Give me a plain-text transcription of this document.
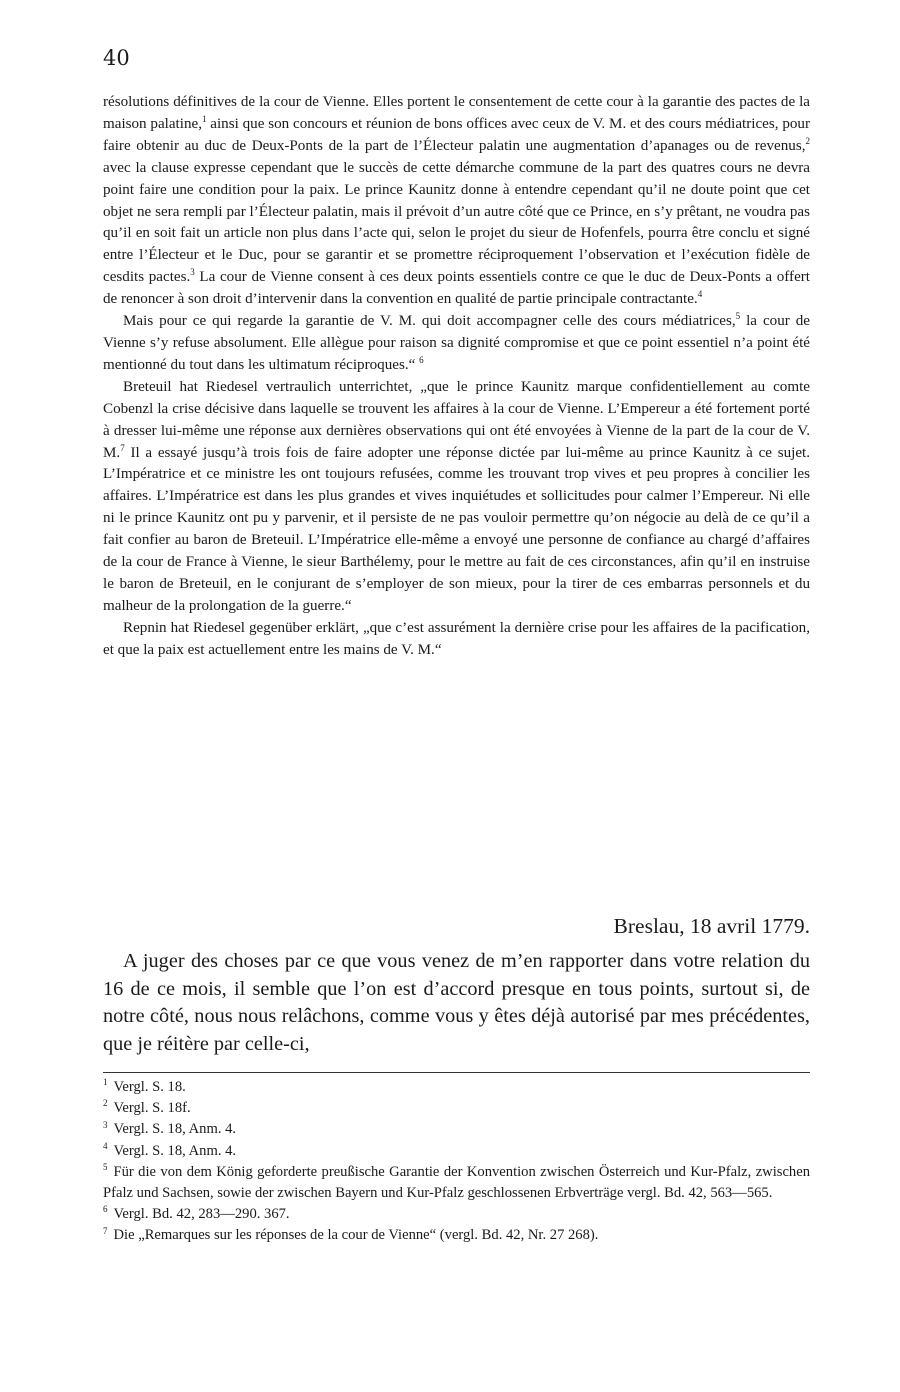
40

résolutions définitives de la cour de Vienne. Elles portent le consentement de cette cour à la garantie des pactes de la maison palatine,$^1$ ainsi que son concours et réunion de bons offices avec ceux de V. M. et des cours médiatrices, pour faire obtenir au duc de Deux-Ponts de la part de l’Électeur palatin une augmentation d’apanages ou de revenus,$^2$ avec la clause expresse cependant que le succès de cette démarche commune de la part des quatres cours ne devra point faire une condition pour la paix. Le prince Kaunitz donne à entendre cependant qu’il ne doute point que cet objet ne sera rempli par l’Électeur palatin, mais il prévoit d’un autre côté que ce Prince, en s’y prêtant, ne voudra pas qu’il en soit fait un article non plus dans l’acte qui, selon le projet du sieur de Hofenfels, pourra être conclu et signé entre l’Électeur et le Duc, pour se garantir et se promettre réciproquement l’observation et l’exécution fidèle de cesdits pactes.$^3$ La cour de Vienne consent à ces deux points essentiels contre ce que le duc de Deux-Ponts a offert de renoncer à son droit d’intervenir dans la convention en qualité de partie principale contractante.$^4$

Mais pour ce qui regarde la garantie de V. M. qui doit accompagner celle des cours médiatrices,$^5$ la cour de Vienne s’y refuse absolument. Elle allègue pour raison sa dignité compromise et que ce point essentiel n’a point été mentionné du tout dans les ultimatum réciproques.“ $^6$

Breteuil hat Riedesel vertraulich unterrichtet, „que le prince Kaunitz marque confidentiellement au comte Cobenzl la crise décisive dans laquelle se trouvent les affaires à la cour de Vienne. L’Empereur a été fortement porté à dresser lui-même une réponse aux dernières observations qui ont été envoyées à Vienne de la part de la cour de V. M.$^7$ Il a essayé jusqu’à trois fois de faire adopter une réponse dictée par lui-même au prince Kaunitz à ce sujet. L’Impératrice et ce ministre les ont toujours refusées, comme les trouvant trop vives et peu propres à concilier les affaires. L’Impératrice est dans les plus grandes et vives inquiétudes et sollicitudes pour calmer l’Empereur. Ni elle ni le prince Kaunitz ont pu y parvenir, et il persiste de ne pas vouloir permettre qu’on négocie au delà de ce qu’il a fait confier au baron de Breteuil. L’Impératrice elle-même a envoyé une personne de confiance au chargé d’affaires de la cour de France à Vienne, le sieur Barthélemy, pour le mettre au fait de ces circonstances, afin qu’il en instruise le baron de Breteuil, en le conjurant de s’employer de son mieux, pour la tirer de ces embarras personnels et du malheur de la prolongation de la guerre.“

Repnin hat Riedesel gegenüber erklärt, „que c’est assurément la dernière crise pour les affaires de la pacification, et que la paix est actuellement entre les mains de V. M.“

Breslau, 18 avril 1779.

A juger des choses par ce que vous venez de m’en rapporter dans votre relation du 16 de ce mois, il semble que l’on est d’accord presque en tous points, surtout si, de notre côté, nous nous relâchons, comme vous y êtes déjà autorisé par mes précédentes, que je réitère par celle-ci,

$^1$ Vergl. S. 18.

$^2$ Vergl. S. 18f.

$^3$ Vergl. S. 18, Anm. 4.

$^4$ Vergl. S. 18, Anm. 4.

$^5$ Für die von dem König geforderte preußische Garantie der Konvention zwischen Österreich und Kur-Pfalz, zwischen Pfalz und Sachsen, sowie der zwischen Bayern und Kur-Pfalz geschlossenen Erbverträge vergl. Bd. 42, 563—565.

$^6$ Vergl. Bd. 42, 283—290. 367.

$^7$ Die „Remarques sur les réponses de la cour de Vienne“ (vergl. Bd. 42, Nr. 27 268).
